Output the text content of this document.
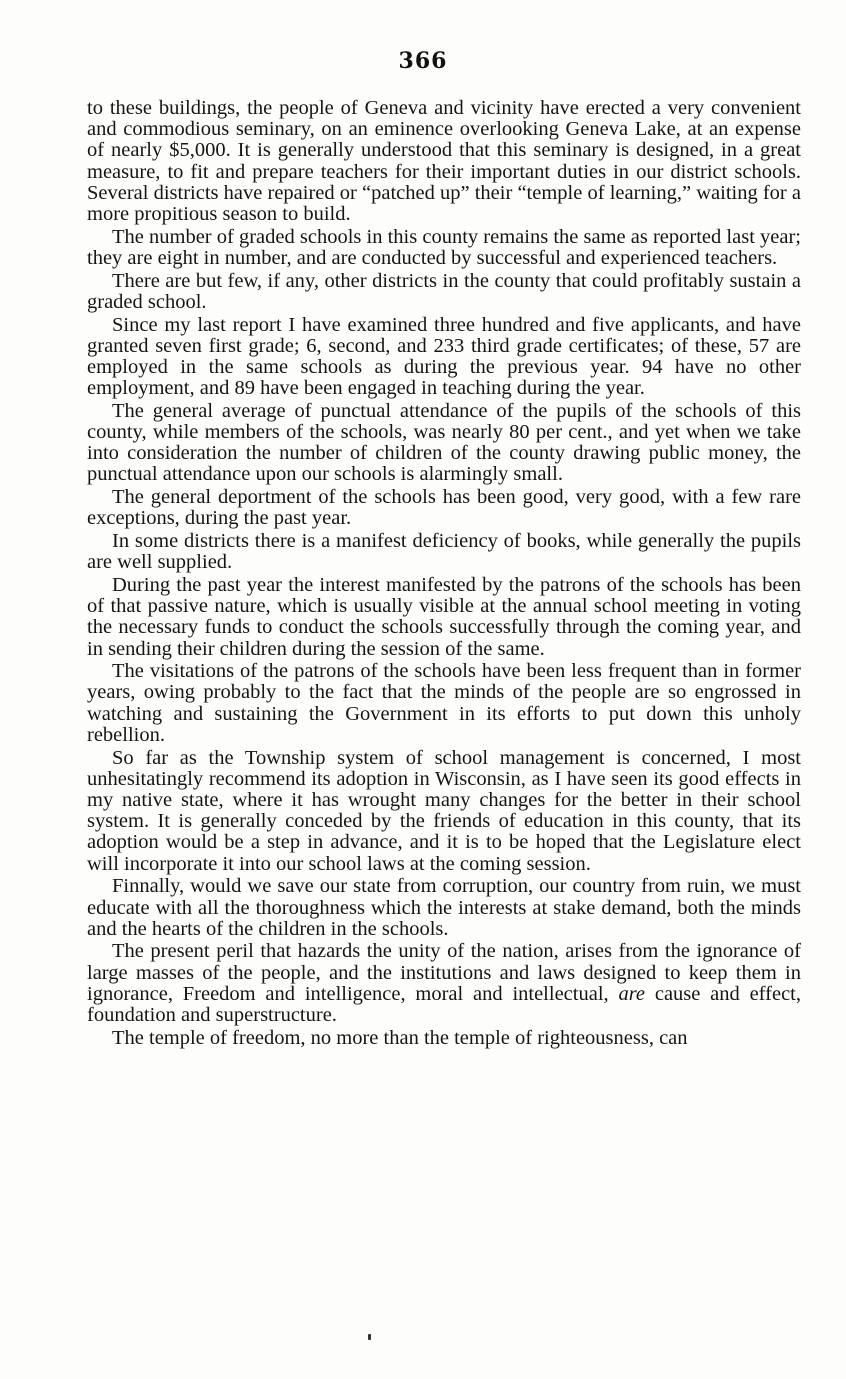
366

to these buildings, the people of Geneva and vicinity have erected a very convenient and commodious seminary, on an eminence overlooking Geneva Lake, at an expense of nearly $5,000. It is generally understood that this seminary is designed, in a great measure, to fit and prepare teachers for their important duties in our district schools. Several districts have repaired or “patched up” their “temple of learning,” waiting for a more propitious season to build.

The number of graded schools in this county remains the same as reported last year; they are eight in number, and are conducted by successful and experienced teachers.

There are but few, if any, other districts in the county that could profitably sustain a graded school.

Since my last report I have examined three hundred and five applicants, and have granted seven first grade; 6, second, and 233 third grade certificates; of these, 57 are employed in the same schools as during the previous year. 94 have no other employment, and 89 have been engaged in teaching during the year.

The general average of punctual attendance of the pupils of the schools of this county, while members of the schools, was nearly 80 per cent., and yet when we take into consideration the number of children of the county drawing public money, the punctual attendance upon our schools is alarmingly small.

The general deportment of the schools has been good, very good, with a few rare exceptions, during the past year.

In some districts there is a manifest deficiency of books, while generally the pupils are well supplied.

During the past year the interest manifested by the patrons of the schools has been of that passive nature, which is usually visible at the annual school meeting in voting the necessary funds to conduct the schools successfully through the coming year, and in sending their children during the session of the same.

The visitations of the patrons of the schools have been less frequent than in former years, owing probably to the fact that the minds of the people are so engrossed in watching and sustaining the Government in its efforts to put down this unholy rebellion.

So far as the Township system of school management is concerned, I most unhesitatingly recommend its adoption in Wisconsin, as I have seen its good effects in my native state, where it has wrought many changes for the better in their school system. It is generally conceded by the friends of education in this county, that its adoption would be a step in advance, and it is to be hoped that the Legislature elect will incorporate it into our school laws at the coming session.

Finnally, would we save our state from corruption, our country from ruin, we must educate with all the thoroughness which the interests at stake demand, both the minds and the hearts of the children in the schools.

The present peril that hazards the unity of the nation, arises from the ignorance of large masses of the people, and the institutions and laws designed to keep them in ignorance, Freedom and intelligence, moral and intellectual, are cause and effect, foundation and superstructure.

The temple of freedom, no more than the temple of righteousness, can
